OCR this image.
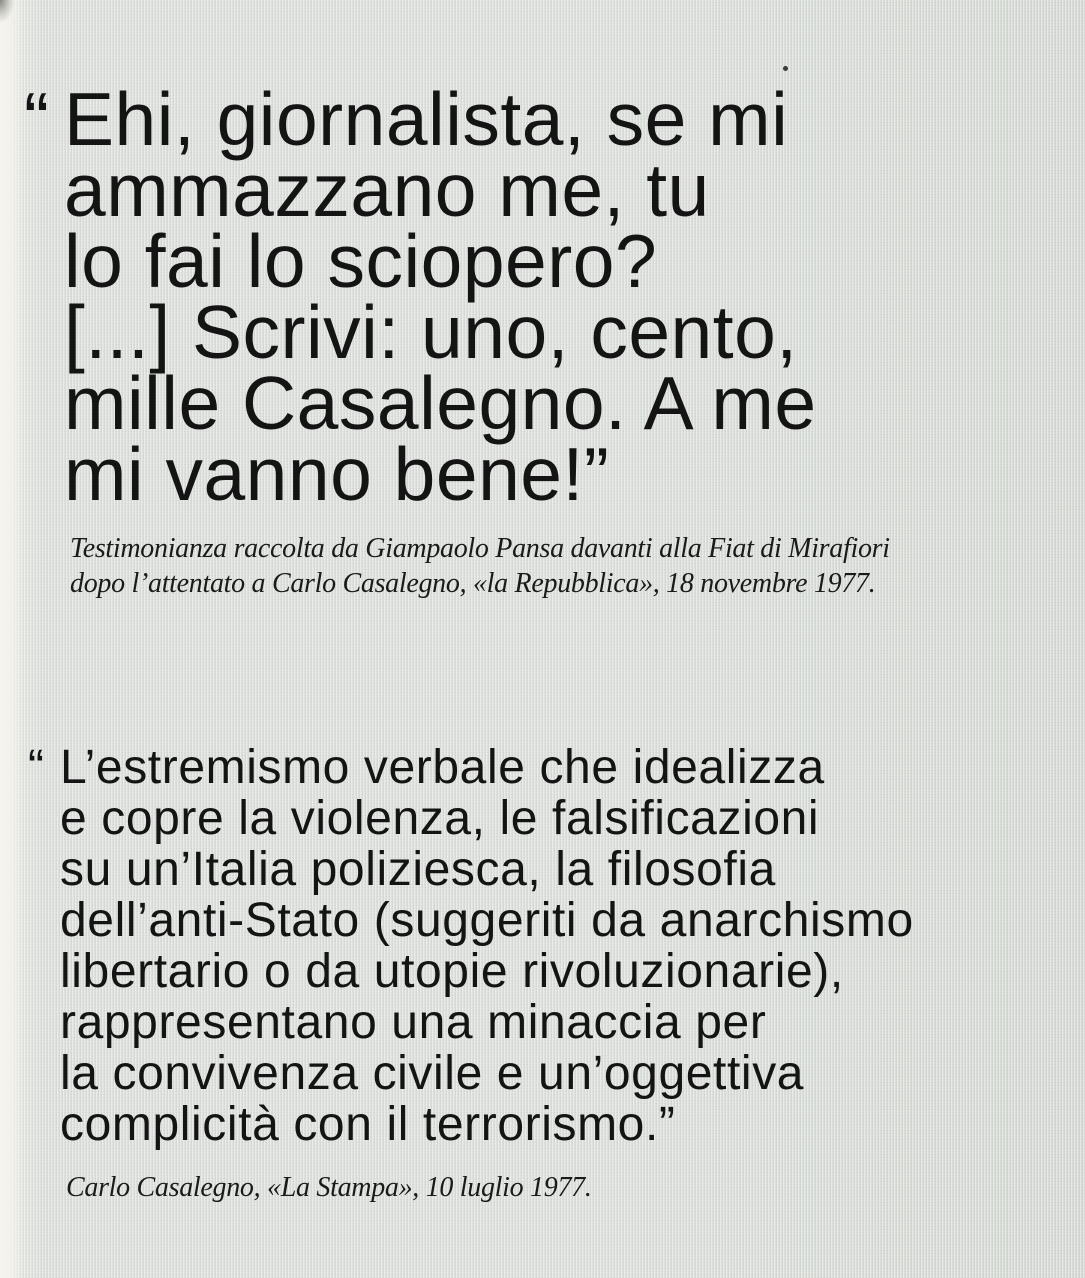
“ Ehi, giornalista, se mi
ammazzano me, tu
lo fai lo sciopero?
[...] Scrivi: uno, cento,
mille Casalegno. A me
mi vanno bene!”

Testimonianza raccolta da Giampaolo Pansa davanti alla Fiat di Mirafiori
dopo l’attentato a Carlo Casalegno, «la Repubblica», 18 novembre 1977.

“ L’estremismo verbale che idealizza
e copre la violenza, le falsificazioni
su un’Italia poliziesca, la filosofia
dell’anti-Stato (suggeriti da anarchismo
libertario o da utopie rivoluzionarie),
rappresentano una minaccia per
la convivenza civile e un’oggettiva
complicità con il terrorismo.”

Carlo Casalegno, «La Stampa», 10 luglio 1977.
